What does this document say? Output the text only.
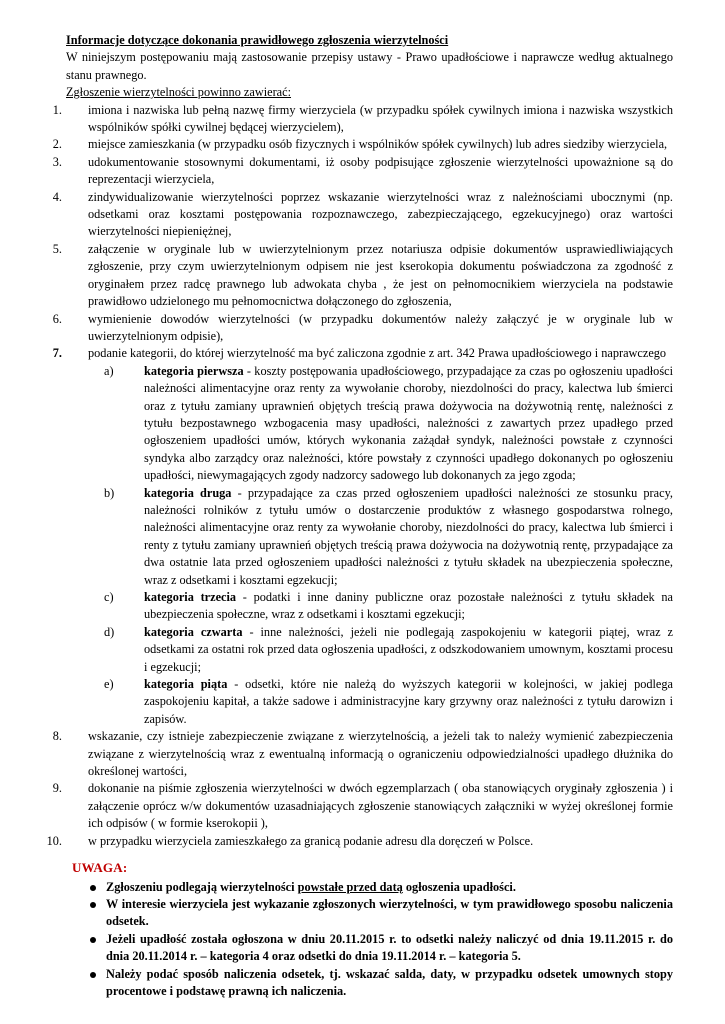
Informacje dotyczące dokonania prawidłowego zgłoszenia wierzytelności

W niniejszym postępowaniu mają zastosowanie przepisy ustawy - Prawo upadłościowe i naprawcze według aktualnego stanu prawnego.

Zgłoszenie wierzytelności powinno zawierać:

1. imiona i nazwiska lub pełną nazwę firmy wierzyciela (w przypadku spółek cywilnych imiona i nazwiska wszystkich wspólników spółki cywilnej będącej wierzycielem),
2. miejsce zamieszkania (w przypadku osób fizycznych i wspólników spółek cywilnych) lub adres siedziby wierzyciela,
3. udokumentowanie stosownymi dokumentami, iż osoby podpisujące zgłoszenie wierzytelności upoważnione są do reprezentacji wierzyciela,
4. zindywidualizowanie wierzytelności poprzez wskazanie wierzytelności wraz z należnościami ubocznymi (np. odsetkami oraz kosztami postępowania rozpoznawczego, zabezpieczającego, egzekucyjnego) oraz wartości wierzytelności niepieniężnej,
5. załączenie w oryginale lub w uwierzytelnionym przez notariusza odpisie dokumentów usprawiedliwiających zgłoszenie, przy czym uwierzytelnionym odpisem nie jest kserokopia dokumentu poświadczona za zgodność z oryginałem przez radcę prawnego lub adwokata chyba , że jest on pełnomocnikiem wierzyciela na podstawie prawidłowo udzielonego mu pełnomocnictwa dołączonego do zgłoszenia,
6. wymienienie dowodów wierzytelności (w przypadku dokumentów należy załączyć je w oryginale lub w uwierzytelnionym odpisie),
7. podanie kategorii, do której wierzytelność ma być zaliczona zgodnie z art. 342 Prawa upadłościowego i naprawczego
a) kategoria pierwsza - koszty postępowania upadłościowego, przypadające za czas po ogłoszeniu upadłości należności alimentacyjne oraz renty za wywołanie choroby, niezdolności do pracy, kalectwa lub śmierci oraz z tytułu zamiany uprawnień objętych treścią prawa dożywocia na dożywotnią rentę, należności z tytułu bezpostawnego wzbogacenia masy upadłości, należności z zawartych przez upadłego przed ogłoszeniem upadłości umów, których wykonania zażądał syndyk, należności powstałe z czynności syndyka albo zarządcy oraz należności, które powstały z czynności upadłego dokonanych po ogłoszeniu upadłości, niewymagających zgody nadzorcy sadowego lub dokonanych za jego zgoda;
b) kategoria druga - przypadające za czas przed ogłoszeniem upadłości należności ze stosunku pracy, należności rolników z tytułu umów o dostarczenie produktów z własnego gospodarstwa rolnego, należności alimentacyjne oraz renty za wywołanie choroby, niezdolności do pracy, kalectwa lub śmierci i renty z tytułu zamiany uprawnień objętych treścią prawa dożywocia na dożywotnią rentę, przypadające za dwa ostatnie lata przed ogłoszeniem upadłości należności z tytułu składek na ubezpieczenia społeczne, wraz z odsetkami i kosztami egzekucji;
c) kategoria trzecia - podatki i inne daniny publiczne oraz pozostałe należności z tytułu składek na ubezpieczenia społeczne, wraz z odsetkami i kosztami egzekucji;
d) kategoria czwarta - inne należności, jeżeli nie podlegają zaspokojeniu w kategorii piątej, wraz z odsetkami za ostatni rok przed data ogłoszenia upadłości, z odszkodowaniem umownym, kosztami procesu i egzekucji;
e) kategoria piąta - odsetki, które nie należą do wyższych kategorii w kolejności, w jakiej podlega zaspokojeniu kapitał, a także sadowe i administracyjne kary grzywny oraz należności z tytułu darowizn i zapisów.
8. wskazanie, czy istnieje zabezpieczenie związane z wierzytelnością, a jeżeli tak to należy wymienić zabezpieczenia związane z wierzytelnością wraz z ewentualną informacją o ograniczeniu odpowiedzialności upadłego dłużnika do określonej wartości,
9. dokonanie na piśmie zgłoszenia wierzytelności w dwóch egzemplarzach ( oba stanowiących oryginały zgłoszenia ) i załączenie oprócz w/w dokumentów uzasadniających zgłoszenie stanowiących załączniki w wyżej określonej formie ich odpisów ( w formie kserokopii ),
10. w przypadku wierzyciela zamieszkałego za granicą podanie adresu dla doręczeń w Polsce.

UWAGA:

Zgłoszeniu podlegają wierzytelności powstałe przed datą ogłoszenia upadłości.
W interesie wierzyciela jest wykazanie zgłoszonych wierzytelności, w tym prawidłowego sposobu naliczenia odsetek.
Jeżeli upadłość została ogłoszona w dniu 20.11.2015 r. to odsetki należy naliczyć od dnia 19.11.2015 r. do dnia 20.11.2014 r. – kategoria 4 oraz odsetki do dnia 19.11.2014 r. – kategoria 5.
Należy podać sposób naliczenia odsetek, tj. wskazać salda, daty, w przypadku odsetek umownych stopy procentowe i podstawę prawną ich naliczenia.
